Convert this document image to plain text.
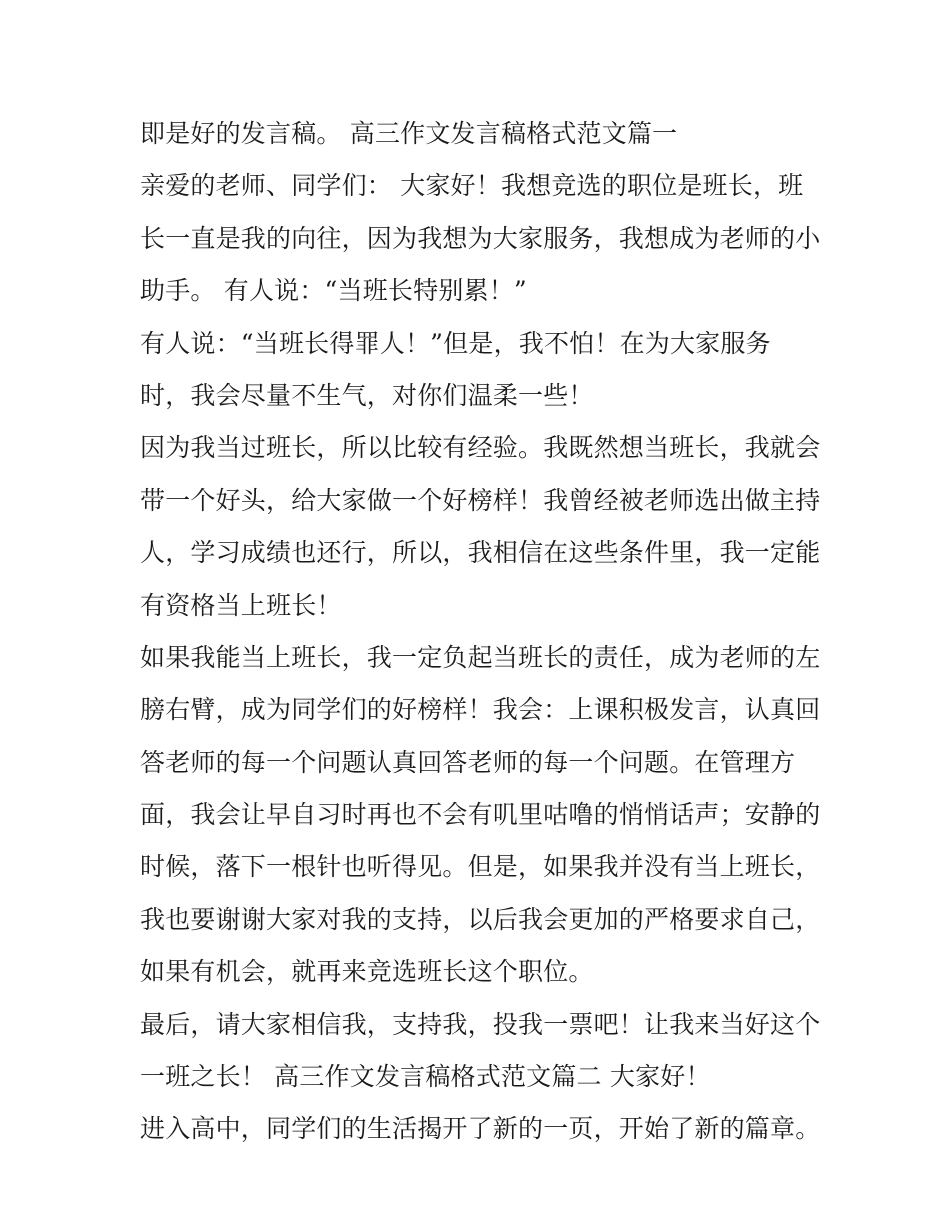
即是好的发言稿。 高三作文发言稿格式范文篇一
亲爱的老师、同学们： 大家好！我想竞选的职位是班长，班
长一直是我的向往，因为我想为大家服务，我想成为老师的小
助手。 有人说：“当班长特别累！”
有人说：“当班长得罪人！”但是，我不怕！在为大家服务
时，我会尽量不生气，对你们温柔一些！
因为我当过班长，所以比较有经验。我既然想当班长，我就会
带一个好头，给大家做一个好榜样！我曾经被老师选出做主持
人，学习成绩也还行，所以，我相信在这些条件里，我一定能
有资格当上班长！
如果我能当上班长，我一定负起当班长的责任，成为老师的左
膀右臂，成为同学们的好榜样！我会：上课积极发言，认真回
答老师的每一个问题认真回答老师的每一个问题。在管理方
面，我会让早自习时再也不会有叽里咕噜的悄悄话声；安静的
时候，落下一根针也听得见。但是，如果我并没有当上班长，
我也要谢谢大家对我的支持，以后我会更加的严格要求自己，
如果有机会，就再来竞选班长这个职位。
最后，请大家相信我，支持我，投我一票吧！让我来当好这个
一班之长！ 高三作文发言稿格式范文篇二 大家好！
进入高中，同学们的生活揭开了新的一页，开始了新的篇章。
